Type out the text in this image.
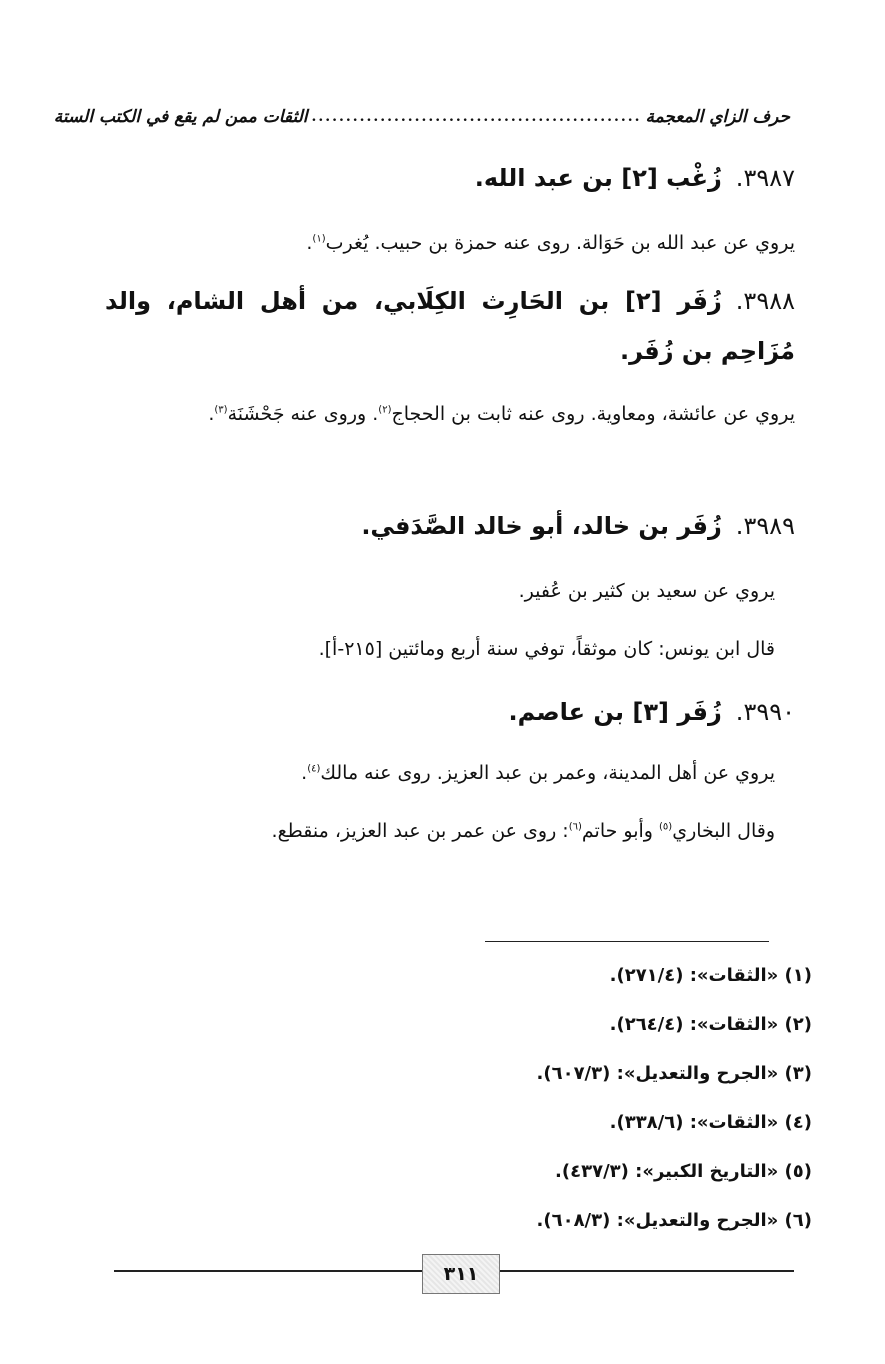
حرف الزاي المعجمة
................................................
الثقات ممن لم يقع في الكتب الستة
٣٩٨٧.زُغْب [٢] بن عبد الله.
يروي عن عبد الله بن حَوَالة. روى عنه حمزة بن حبيب. يُغرب$^{(١)}$.
٣٩٨٨.زُفَر [٢] بن الحَارِث الكِلَابي، من أهل الشام، والد مُزَاحِم بن زُفَر.
يروي عن عائشة، ومعاوية. روى عنه ثابت بن الحجاج$^{(٢)}$. وروى عنه جَحْشَنَة$^{(٣)}$.
٣٩٨٩.زُفَر بن خالد، أبو خالد الصَّدَفي.
يروي عن سعيد بن كثير بن عُفير.
قال ابن يونس: كان موثقاً، توفي سنة أربع ومائتين [٢١٥-أ].
٣٩٩٠.زُفَر [٣] بن عاصم.
يروي عن أهل المدينة، وعمر بن عبد العزيز. روى عنه مالك$^{(٤)}$.
وقال البخاري$^{(٥)}$ وأبو حاتم$^{(٦)}$: روى عن عمر بن عبد العزيز، منقطع.
(١) «الثقات»: (٢٧١/٤).
(٢) «الثقات»: (٢٦٤/٤).
(٣) «الجرح والتعديل»: (٦٠٧/٣).
(٤) «الثقات»: (٣٣٨/٦).
(٥) «التاريخ الكبير»: (٤٣٧/٣).
(٦) «الجرح والتعديل»: (٦٠٨/٣).
٣١١
